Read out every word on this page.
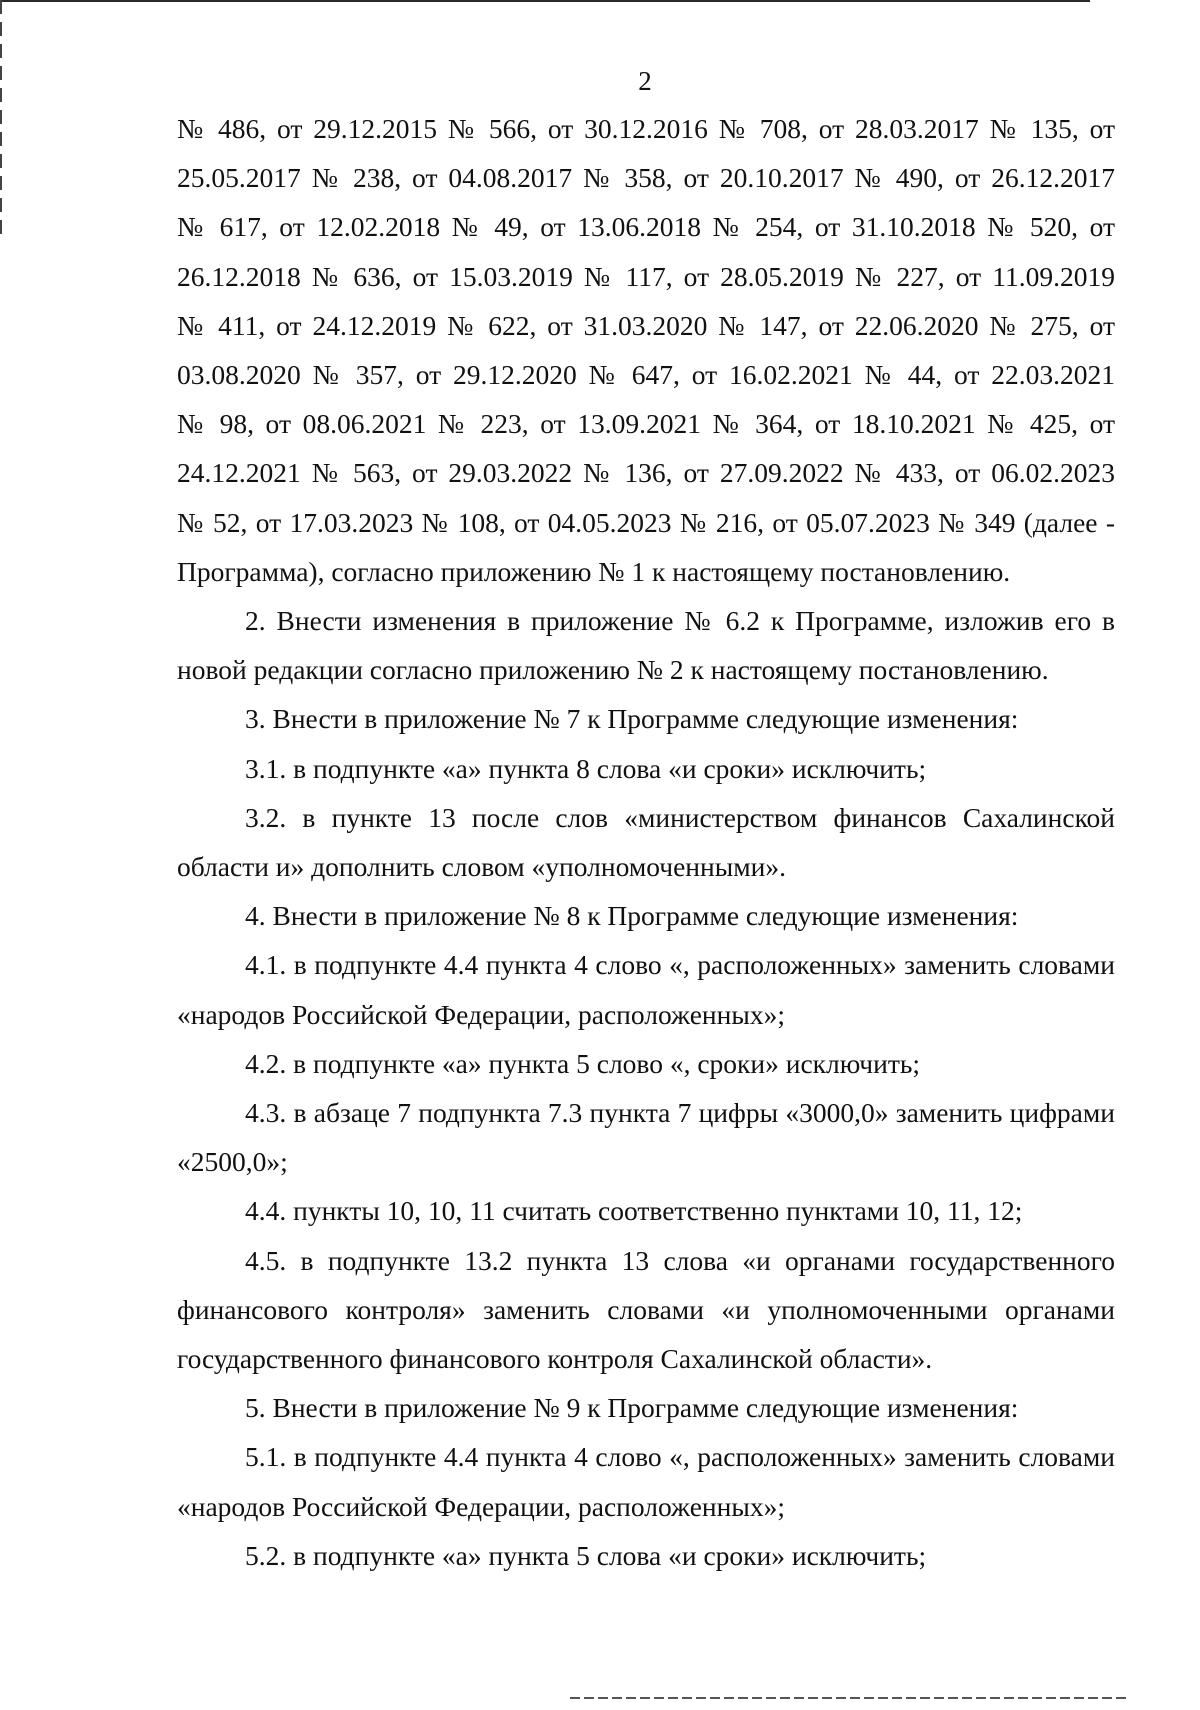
2

№ 486, от 29.12.2015 № 566, от 30.12.2016 № 708, от 28.03.2017 № 135, от
25.05.2017 № 238, от 04.08.2017 № 358, от 20.10.2017 № 490, от 26.12.2017
№ 617, от 12.02.2018 № 49, от 13.06.2018 № 254, от 31.10.2018 № 520, от
26.12.2018 № 636, от 15.03.2019 № 117, от 28.05.2019 № 227, от 11.09.2019
№ 411, от 24.12.2019 № 622, от 31.03.2020 № 147, от 22.06.2020 № 275, от
03.08.2020 № 357, от 29.12.2020 № 647, от 16.02.2021 № 44, от 22.03.2021
№ 98, от 08.06.2021 № 223, от 13.09.2021 № 364, от 18.10.2021 № 425, от
24.12.2021 № 563, от 29.03.2022 № 136, от 27.09.2022 № 433, от 06.02.2023
№ 52, от 17.03.2023 № 108, от 04.05.2023 № 216, от 05.07.2023 № 349 (далее -
Программа), согласно приложению № 1 к настоящему постановлению.

2. Внести изменения в приложение № 6.2 к Программе, изложив его в новой редакции согласно приложению № 2 к настоящему постановлению.

3. Внести в приложение № 7 к Программе следующие изменения:

3.1. в подпункте «а» пункта 8 слова «и сроки» исключить;

3.2. в пункте 13 после слов «министерством финансов Сахалинской области и» дополнить словом «уполномоченными».

4. Внести в приложение № 8 к Программе следующие изменения:

4.1. в подпункте 4.4 пункта 4 слово «, расположенных» заменить словами «народов Российской Федерации, расположенных»;

4.2. в подпункте «а» пункта 5 слово «, сроки» исключить;

4.3. в абзаце 7 подпункта 7.3 пункта 7 цифры «3000,0» заменить цифрами «2500,0»;

4.4. пункты 10, 10, 11 считать соответственно пунктами 10, 11, 12;

4.5. в подпункте 13.2 пункта 13 слова «и органами государственного финансового контроля» заменить словами «и уполномоченными органами государственного финансового контроля Сахалинской области».

5. Внести в приложение № 9 к Программе следующие изменения:

5.1. в подпункте 4.4 пункта 4 слово «, расположенных» заменить словами «народов Российской Федерации, расположенных»;

5.2. в подпункте «а» пункта 5 слова «и сроки» исключить;
